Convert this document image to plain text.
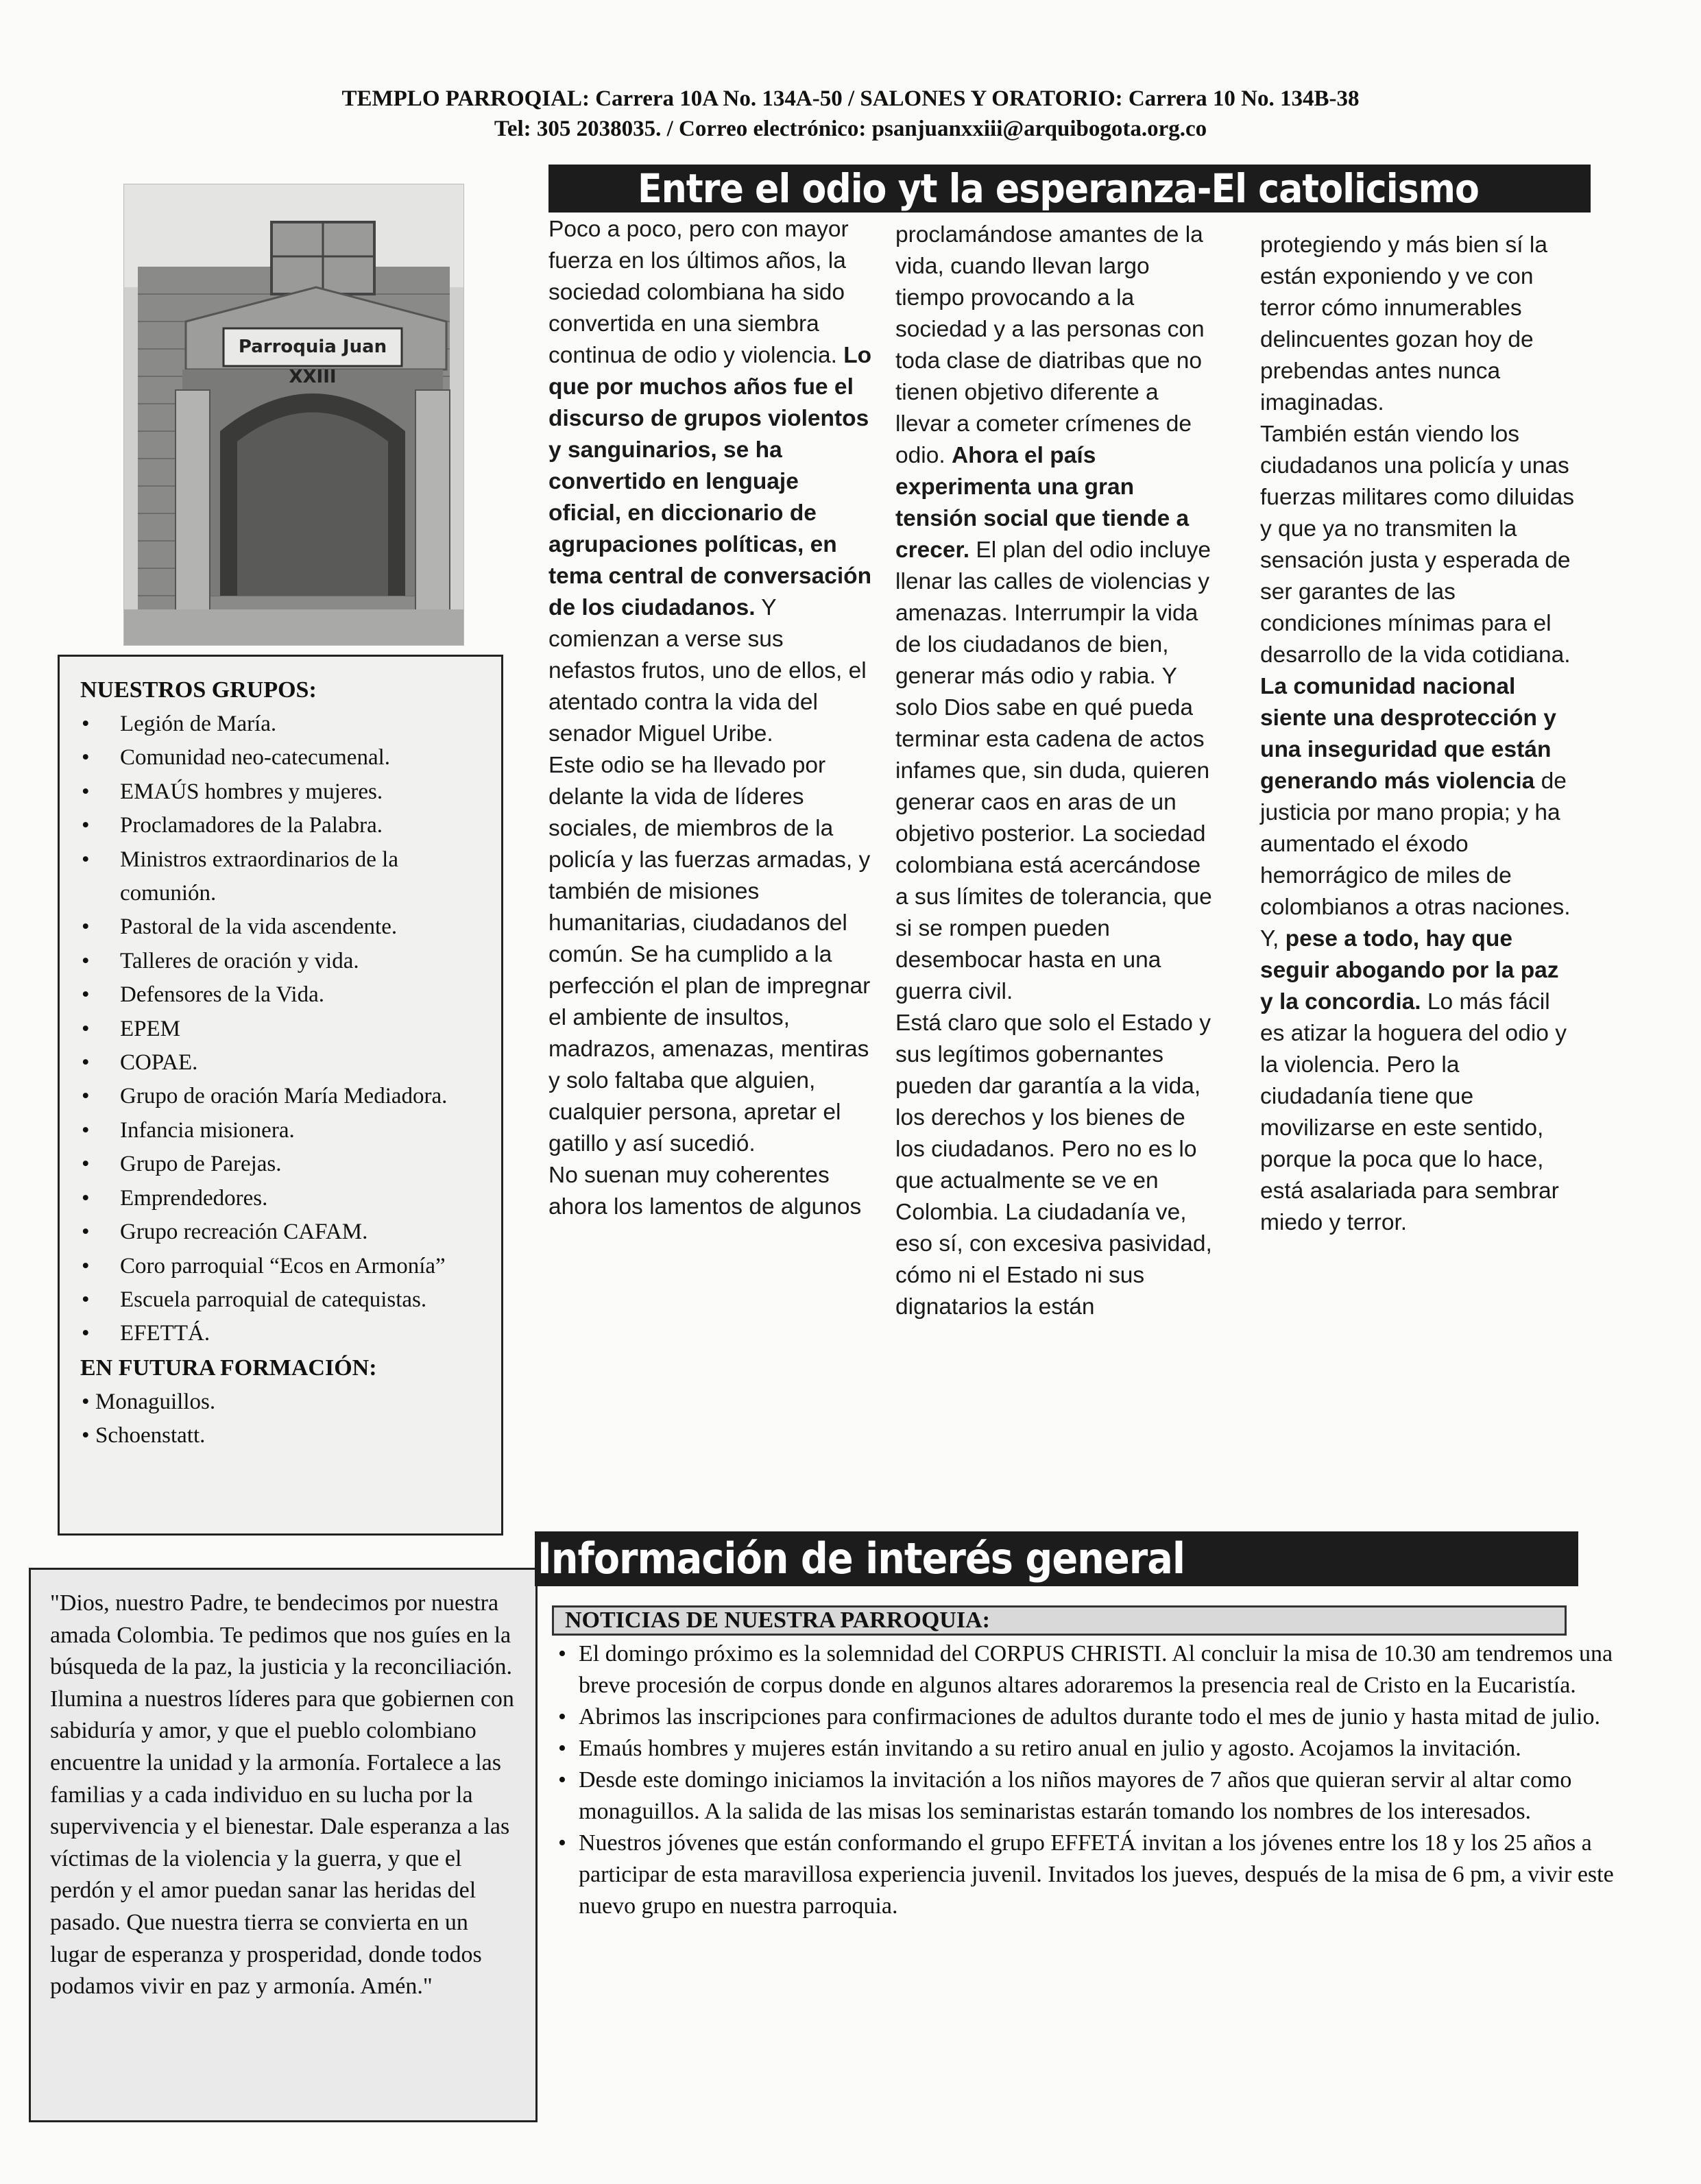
TEMPLO PARROQIAL: Carrera 10A No. 134A-50 / SALONES Y ORATORIO: Carrera 10 No. 134B-38
Tel: 305 2038035. / Correo electrónico: psanjuanxxiii@arquibogota.org.co
Parroquia Juan XXIII
Entre el odio yt la esperanza-El catolicismo

Poco a poco, pero con mayor fuerza en los últimos años, la sociedad colombiana ha sido convertida en una siembra continua de odio y violencia. Lo que por muchos años fue el discurso de grupos violentos y sanguinarios, se ha convertido en lenguaje oficial, en diccionario de agrupaciones políticas, en tema central de conversación de los ciudadanos. Y comienzan a verse sus nefastos frutos, uno de ellos, el atentado contra la vida del senador Miguel Uribe.

Este odio se ha llevado por delante la vida de líderes sociales, de miembros de la policía y las fuerzas armadas, y también de misiones humanitarias, ciudadanos del común. Se ha cumplido a la perfección el plan de impregnar el ambiente de insultos, madrazos, amenazas, mentiras y solo faltaba que alguien, cualquier persona, apretar el gatillo y así sucedió.

No suenan muy coherentes ahora los lamentos de algunos

proclamándose amantes de la vida, cuando llevan largo tiempo provocando a la sociedad y a las personas con toda clase de diatribas que no tienen objetivo diferente a llevar a cometer crímenes de odio. Ahora el país experimenta una gran tensión social que tiende a crecer. El plan del odio incluye llenar las calles de violencias y amenazas. Interrumpir la vida de los ciudadanos de bien, generar más odio y rabia. Y solo Dios sabe en qué pueda terminar esta cadena de actos infames que, sin duda, quieren generar caos en aras de un objetivo posterior. La sociedad colombiana está acercándose a sus límites de tolerancia, que si se rompen pueden desembocar hasta en una guerra civil.

Está claro que solo el Estado y sus legítimos gobernantes pueden dar garantía a la vida, los derechos y los bienes de los ciudadanos. Pero no es lo que actualmente se ve en Colombia. La ciudadanía ve, eso sí, con excesiva pasividad, cómo ni el Estado ni sus dignatarios la están

protegiendo y más bien sí la están exponiendo y ve con terror cómo innumerables delincuentes gozan hoy de prebendas antes nunca imaginadas.

También están viendo los ciudadanos una policía y unas fuerzas militares como diluidas y que ya no transmiten la sensación justa y esperada de ser garantes de las condiciones mínimas para el desarrollo de la vida cotidiana. La comunidad nacional siente una desprotección y una inseguridad que están generando más violencia de justicia por mano propia; y ha aumentado el éxodo hemorrágico de miles de colombianos a otras naciones. Y, pese a todo, hay que seguir abogando por la paz y la concordia. Lo más fácil es atizar la hoguera del odio y la violencia. Pero la ciudadanía tiene que movilizarse en este sentido, porque la poca que lo hace, está asalariada para sembrar miedo y terror.

NUESTROS GRUPOS:
• Legión de María.
• Comunidad neo-catecumenal.
• EMAÚS hombres y mujeres.
• Proclamadores de la Palabra.
• Ministros extraordinarios de la comunión.
• Pastoral de la vida ascendente.
• Talleres de oración y vida.
• Defensores de la Vida.
• EPEM
• COPAE.
• Grupo de oración María Mediadora.
• Infancia misionera.
• Grupo de Parejas.
• Emprendedores.
• Grupo recreación CAFAM.
• Coro parroquial “Ecos en Armonía”
• Escuela parroquial de catequistas.
• EFETTÁ.
EN FUTURA FORMACIÓN:
• Monaguillos.
• Schoenstatt.
"Dios, nuestro Padre, te bendecimos por nuestra amada Colombia. Te pedimos que nos guíes en la búsqueda de la paz, la justicia y la reconciliación. Ilumina a nuestros líderes para que gobiernen con sabiduría y amor, y que el pueblo colombiano encuentre la unidad y la armonía. Fortalece a las familias y a cada individuo en su lucha por la supervivencia y el bienestar. Dale esperanza a las víctimas de la violencia y la guerra, y que el perdón y el amor puedan sanar las heridas del pasado. Que nuestra tierra se convierta en un lugar de esperanza y prosperidad, donde todos podamos vivir en paz y armonía. Amén."
Información de interés general
NOTICIAS DE NUESTRA PARROQUIA:
• El domingo próximo es la solemnidad del CORPUS CHRISTI. Al concluir la misa de 10.30 am tendremos una breve procesión de corpus donde en algunos altares adoraremos la presencia real de Cristo en la Eucaristía.
• Abrimos las inscripciones para confirmaciones de adultos durante todo el mes de junio y hasta mitad de julio.
• Emaús hombres y mujeres están invitando a su retiro anual en julio y agosto. Acojamos la invitación.
• Desde este domingo iniciamos la invitación a los niños mayores de 7 años que quieran servir al altar como monaguillos. A la salida de las misas los seminaristas estarán tomando los nombres de los interesados.
• Nuestros jóvenes que están conformando el grupo EFFETÁ invitan a los jóvenes entre los 18 y los 25 años a participar de esta maravillosa experiencia juvenil. Invitados los jueves, después de la misa de 6 pm, a vivir este nuevo grupo en nuestra parroquia.
